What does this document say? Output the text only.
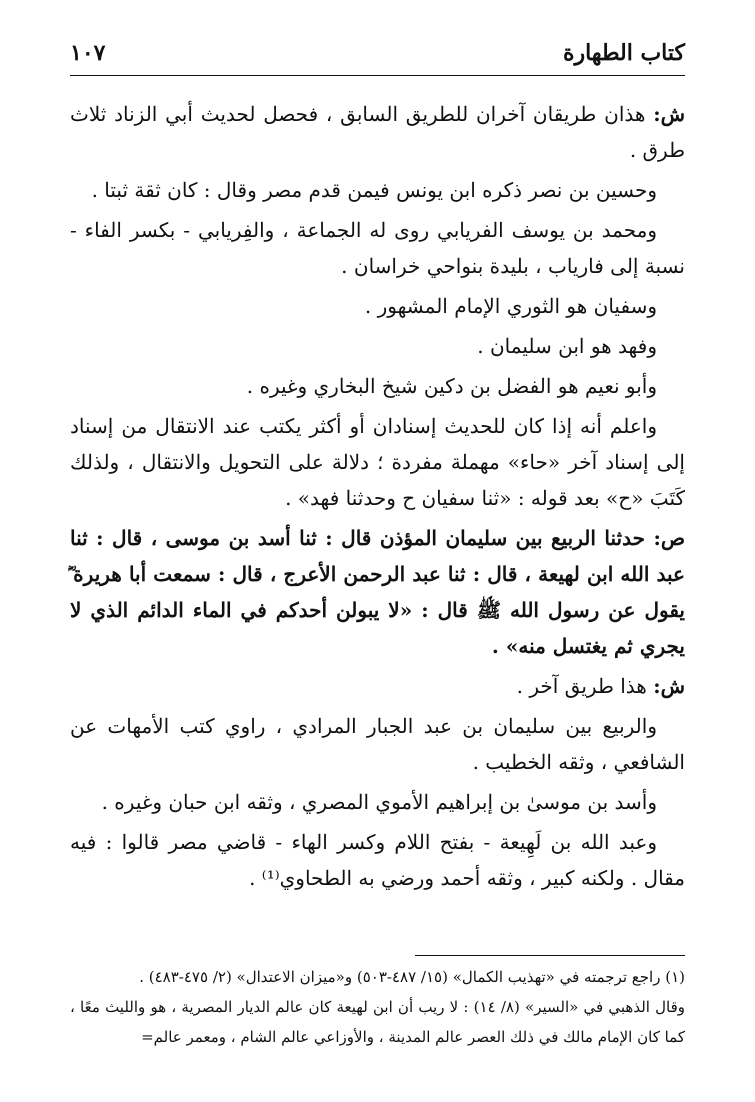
كتاب الطهارة
١٠٧

ش: هذان طريقان آخران للطريق السابق ، فحصل لحديث أبي الزناد ثلاث طرق .

وحسين بن نصر ذكره ابن يونس فيمن قدم مصر وقال : كان ثقة ثبتا .

ومحمد بن يوسف الفريابي روى له الجماعة ، والفِريابي - بكسر الفاء - نسبة إلى فارياب ، بليدة بنواحي خراسان .

وسفيان هو الثوري الإمام المشهور .

وفهد هو ابن سليمان .

وأبو نعيم هو الفضل بن دكين شيخ البخاري وغيره .

واعلم أنه إذا كان للحديث إسنادان أو أكثر يكتب عند الانتقال من إسناد إلى إسناد آخر «حاء» مهملة مفردة ؛ دلالة على التحويل والانتقال ، ولذلك كَتَبَ «ح» بعد قوله : «ثنا سفيان ح وحدثنا فهد» .

ص: حدثنا الربيع بين سليمان المؤذن قال : ثنا أسد بن موسى ، قال : ثنا عبد الله ابن لهيعة ، قال : ثنا عبد الرحمن الأعرج ، قال : سمعت أبا هريرة ؓ يقول عن رسول الله ﷺ قال : «لا يبولن أحدكم في الماء الدائم الذي لا يجري ثم يغتسل منه» .

ش: هذا طريق آخر .

والربيع بين سليمان بن عبد الجبار المرادي ، راوي كتب الأمهات عن الشافعي ، وثقه الخطيب .

وأسد بن موسىٰ بن إبراهيم الأموي المصري ، وثقه ابن حبان وغيره .

وعبد الله بن لَهِيعة - بفتح اللام وكسر الهاء - قاضي مصر قالوا : فيه مقال . ولكنه كبير ، وثقه أحمد ورضي به الطحاوي⁽¹⁾ .

(١) راجع ترجمته في «تهذيب الكمال» (١٥/ ٤٨٧-٥٠٣) و«ميزان الاعتدال» (٢/ ٤٧٥-٤٨٣) .

وقال الذهبي في «السير» (٨/ ١٤) : لا ريب أن ابن لهيعة كان عالم الديار المصرية ، هو والليث معًا ، كما كان الإمام مالك في ذلك العصر عالم المدينة ، والأوزاعي عالم الشام ، ومعمر عالم=
